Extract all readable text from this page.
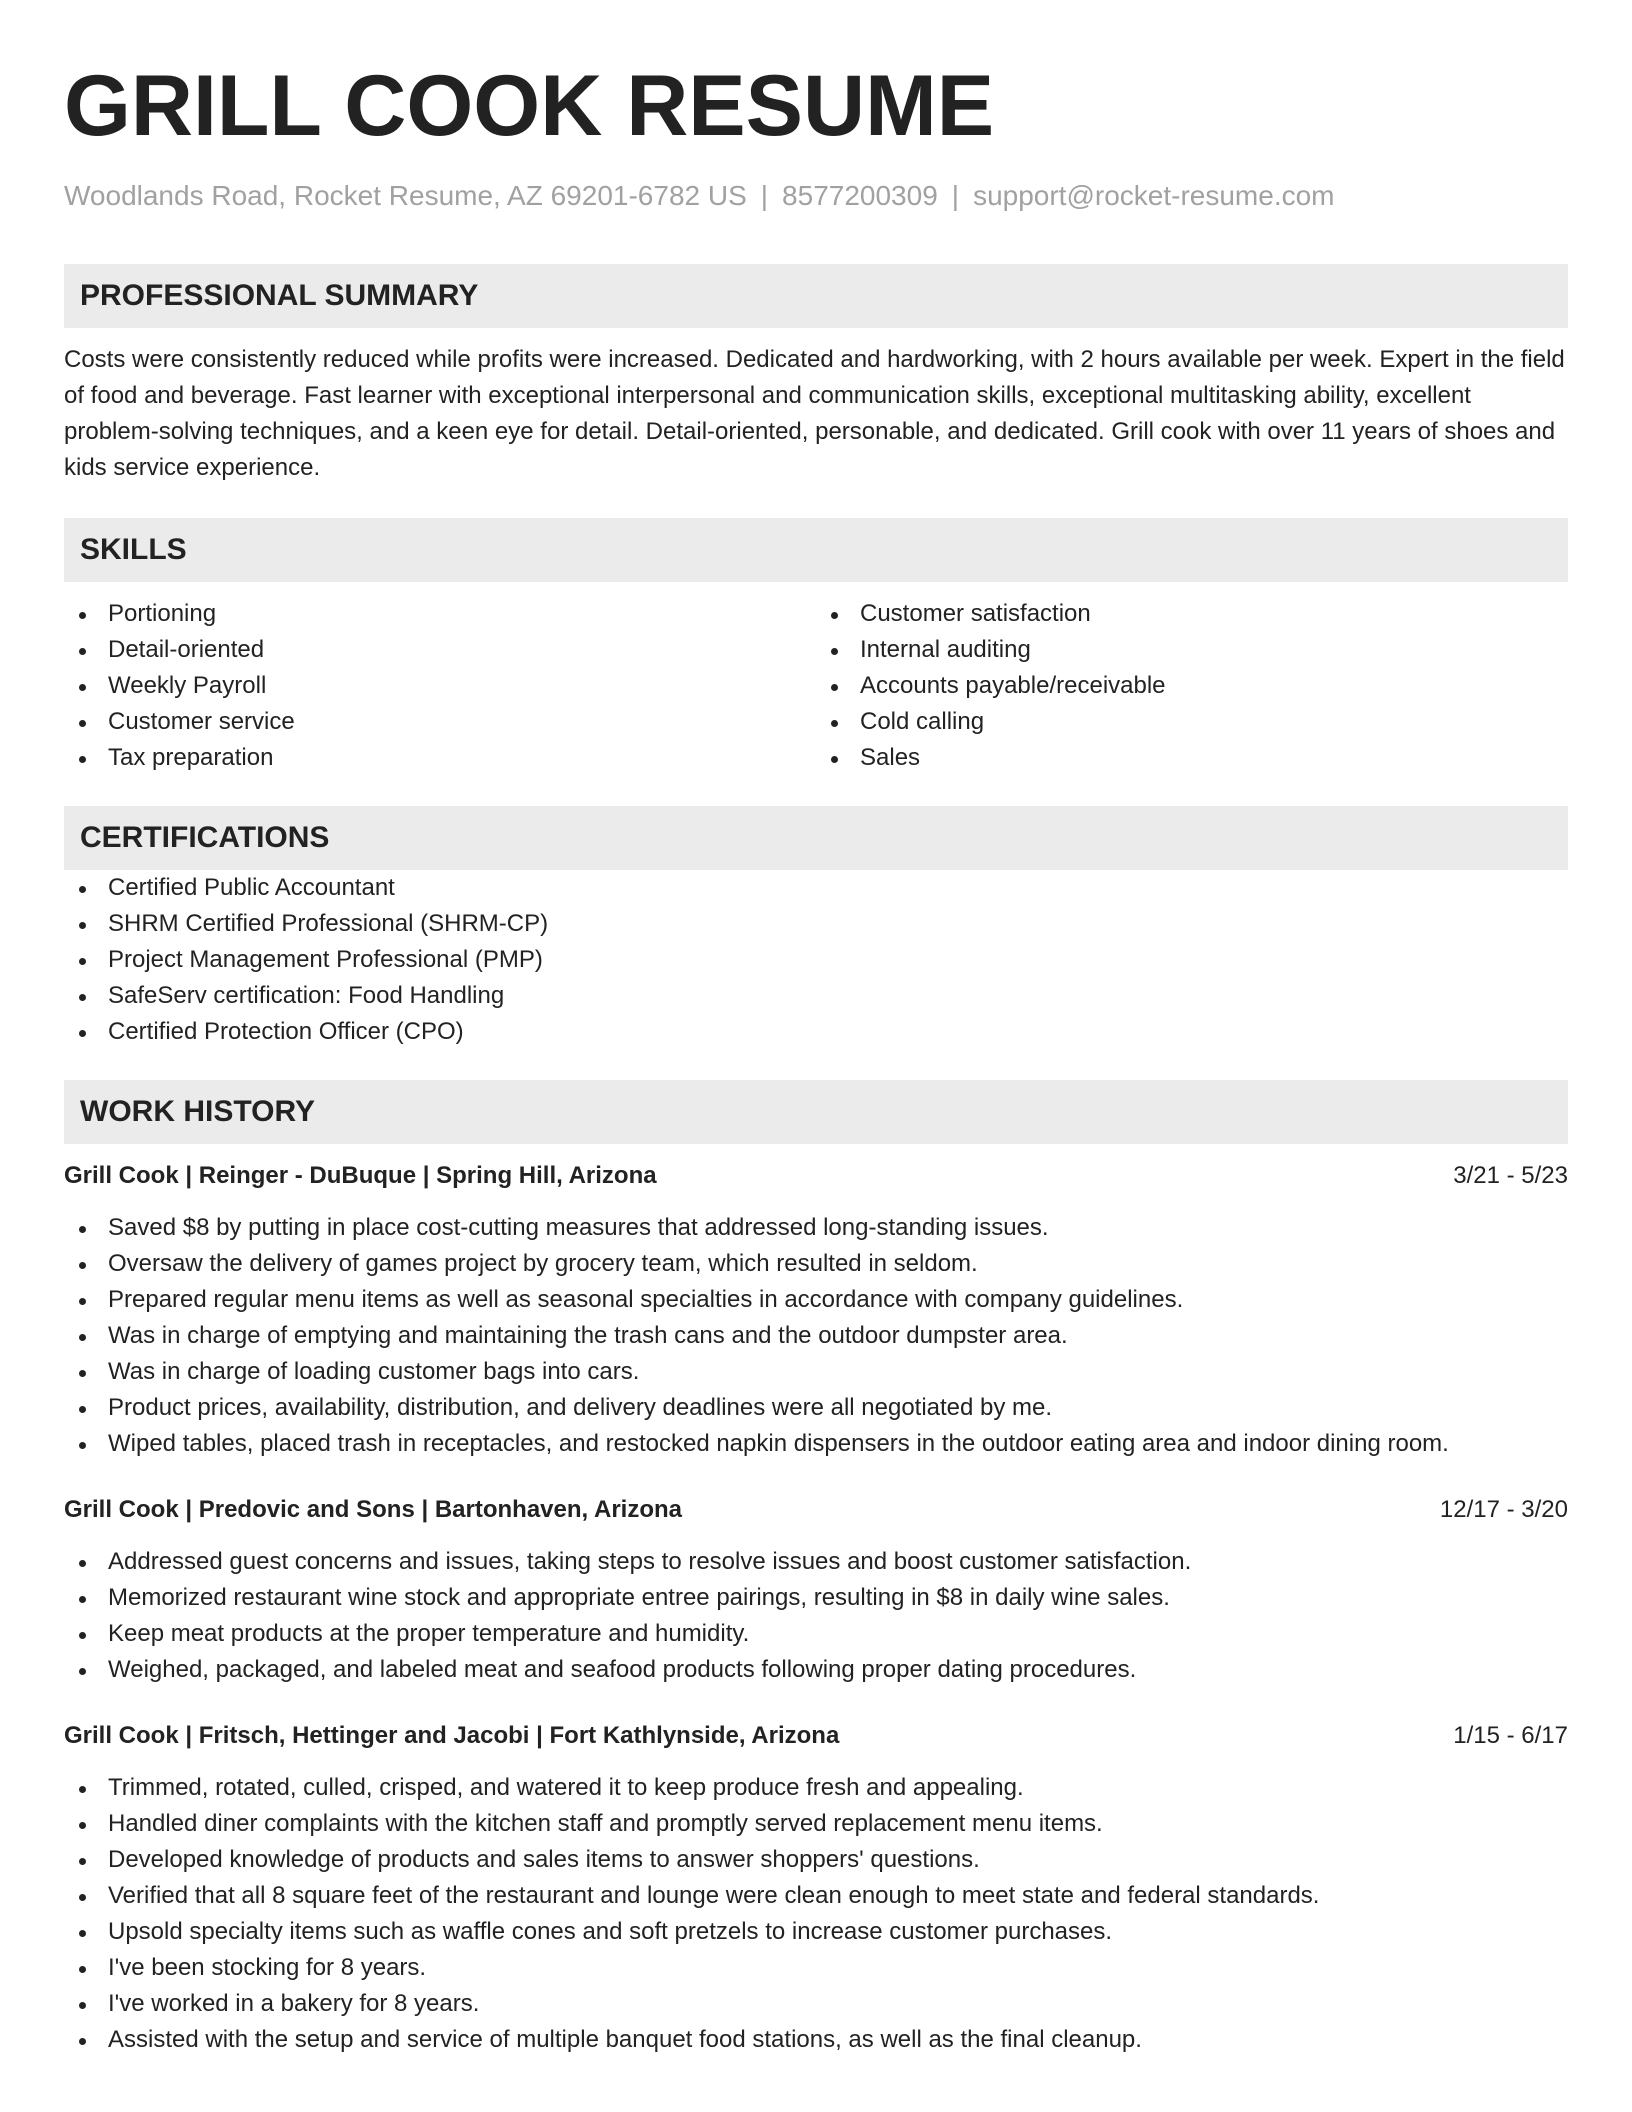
GRILL COOK RESUME
Woodlands Road, Rocket Resume, AZ 69201-6782 US | 8577200309 | support@rocket-resume.com
PROFESSIONAL SUMMARY
Costs were consistently reduced while profits were increased. Dedicated and hardworking, with 2 hours available per week. Expert in the field of food and beverage. Fast learner with exceptional interpersonal and communication skills, exceptional multitasking ability, excellent problem-solving techniques, and a keen eye for detail. Detail-oriented, personable, and dedicated. Grill cook with over 11 years of shoes and kids service experience.
SKILLS
Portioning
Detail-oriented
Weekly Payroll
Customer service
Tax preparation
Customer satisfaction
Internal auditing
Accounts payable/receivable
Cold calling
Sales
CERTIFICATIONS
Certified Public Accountant
SHRM Certified Professional (SHRM-CP)
Project Management Professional (PMP)
SafeServ certification: Food Handling
Certified Protection Officer (CPO)
WORK HISTORY
Grill Cook | Reinger - DuBuque | Spring Hill, Arizona	3/21 - 5/23
Saved $8 by putting in place cost-cutting measures that addressed long-standing issues.
Oversaw the delivery of games project by grocery team, which resulted in seldom.
Prepared regular menu items as well as seasonal specialties in accordance with company guidelines.
Was in charge of emptying and maintaining the trash cans and the outdoor dumpster area.
Was in charge of loading customer bags into cars.
Product prices, availability, distribution, and delivery deadlines were all negotiated by me.
Wiped tables, placed trash in receptacles, and restocked napkin dispensers in the outdoor eating area and indoor dining room.
Grill Cook | Predovic and Sons | Bartonhaven, Arizona	12/17 - 3/20
Addressed guest concerns and issues, taking steps to resolve issues and boost customer satisfaction.
Memorized restaurant wine stock and appropriate entree pairings, resulting in $8 in daily wine sales.
Keep meat products at the proper temperature and humidity.
Weighed, packaged, and labeled meat and seafood products following proper dating procedures.
Grill Cook | Fritsch, Hettinger and Jacobi | Fort Kathlynside, Arizona	1/15 - 6/17
Trimmed, rotated, culled, crisped, and watered it to keep produce fresh and appealing.
Handled diner complaints with the kitchen staff and promptly served replacement menu items.
Developed knowledge of products and sales items to answer shoppers' questions.
Verified that all 8 square feet of the restaurant and lounge were clean enough to meet state and federal standards.
Upsold specialty items such as waffle cones and soft pretzels to increase customer purchases.
I've been stocking for 8 years.
I've worked in a bakery for 8 years.
Assisted with the setup and service of multiple banquet food stations, as well as the final cleanup.
